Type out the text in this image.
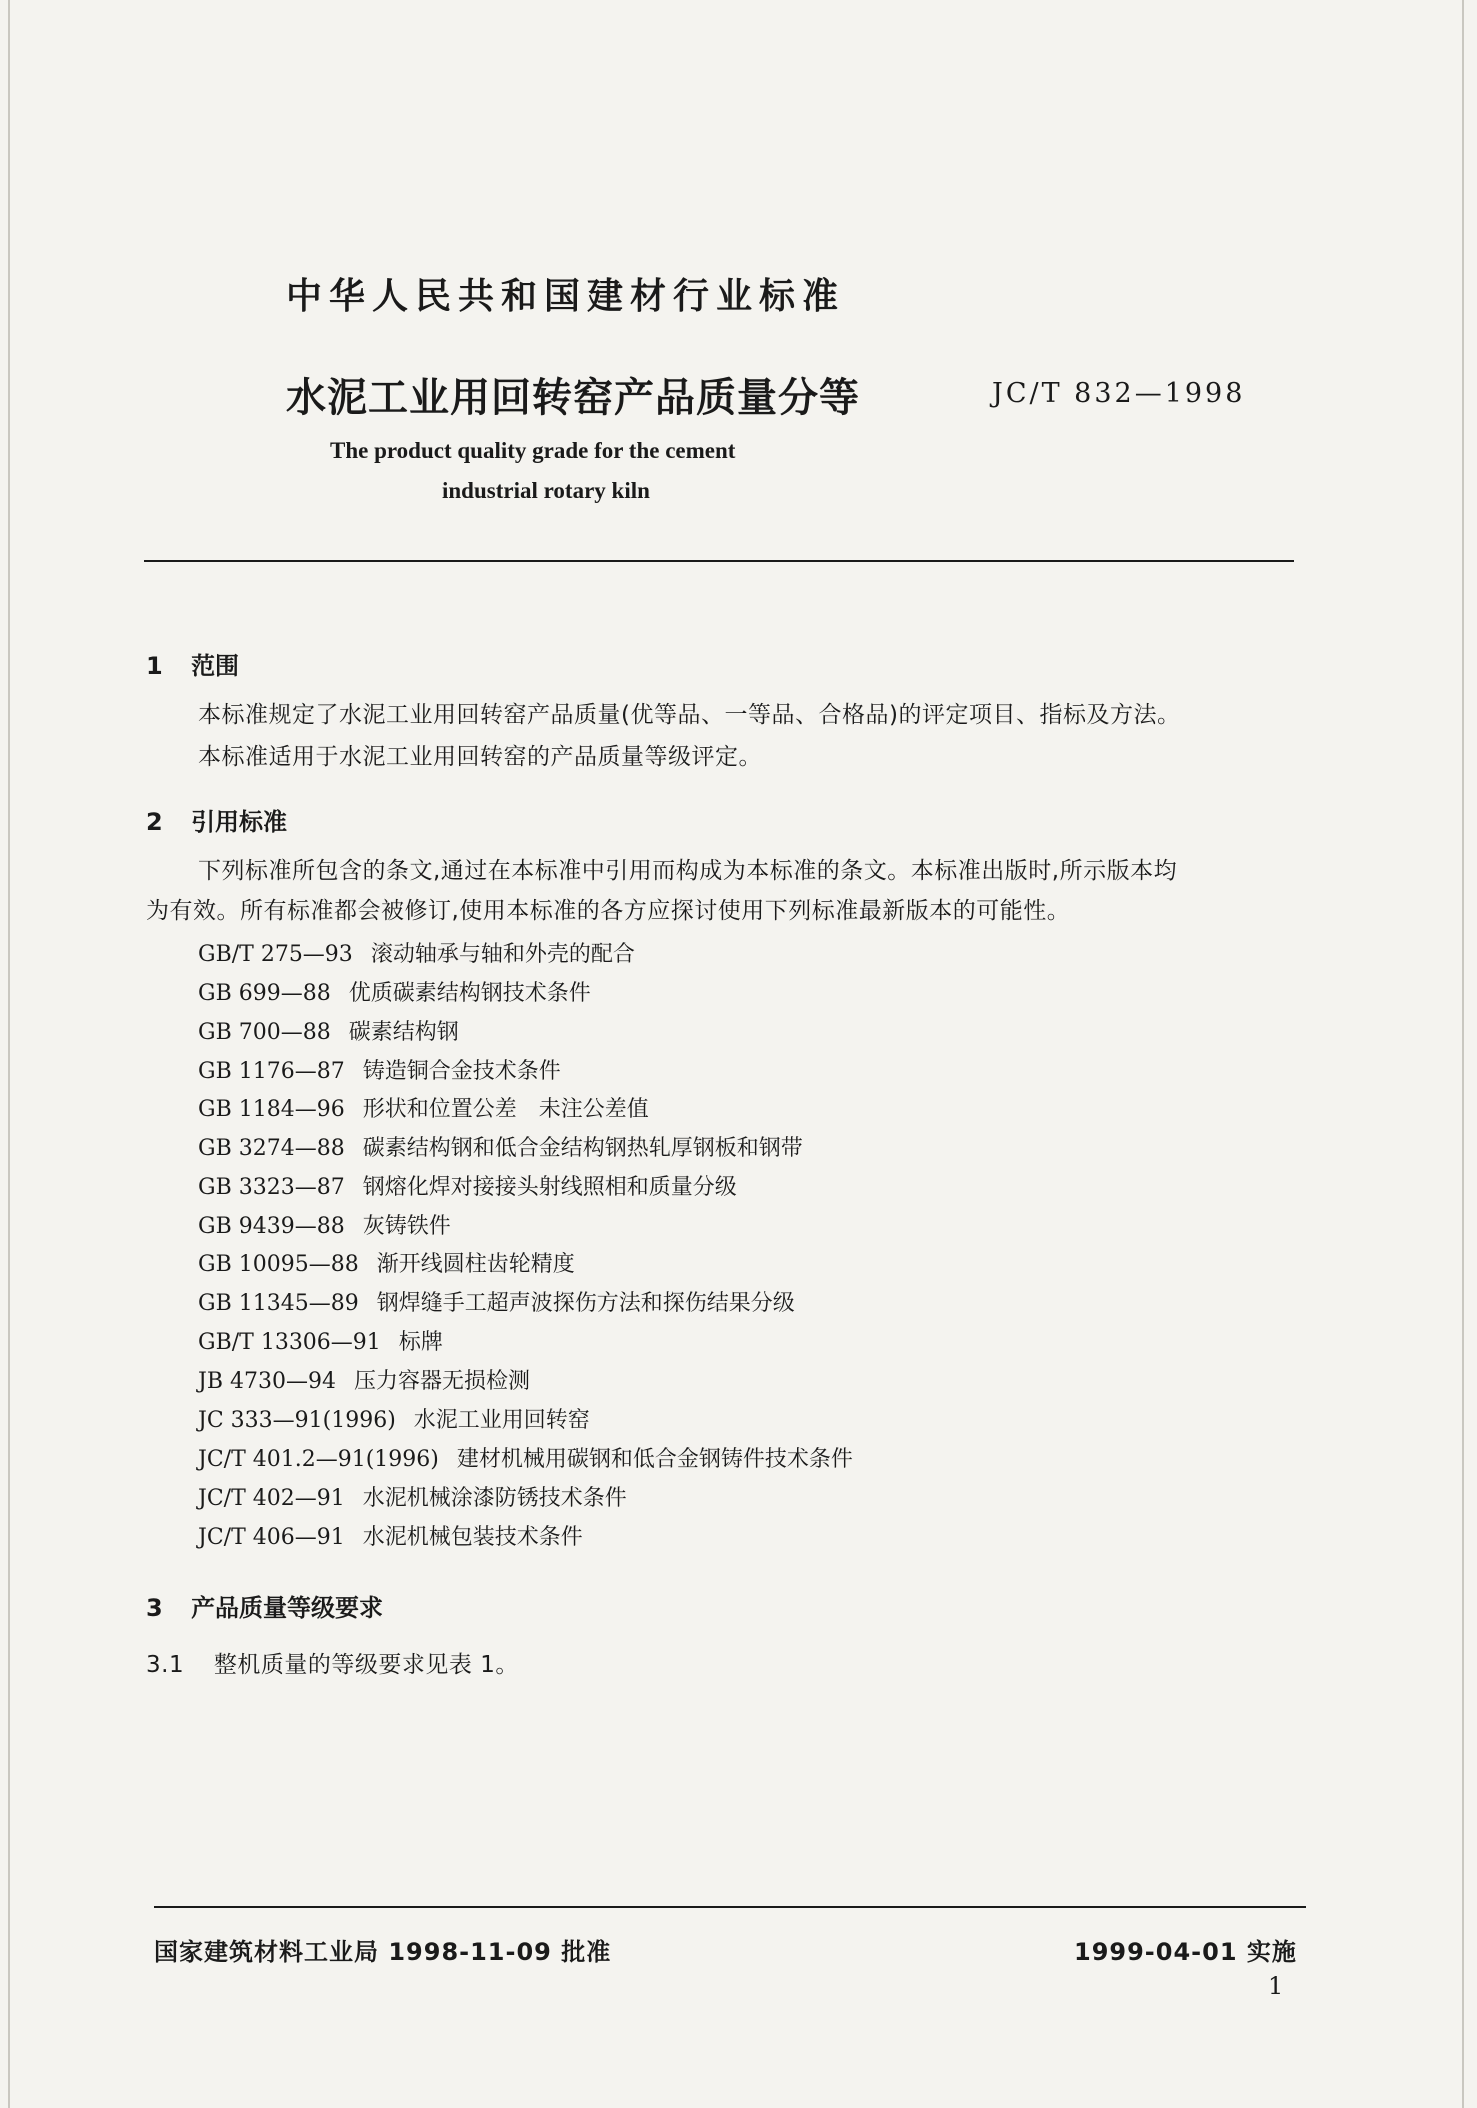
中华人民共和国建材行业标准
水泥工业用回转窑产品质量分等	JC/T 832—1998
The product quality grade for the cement
industrial rotary kiln
1 范围
本标准规定了水泥工业用回转窑产品质量(优等品、一等品、合格品)的评定项目、指标及方法。
本标准适用于水泥工业用回转窑的产品质量等级评定。
2 引用标准
下列标准所包含的条文,通过在本标准中引用而构成为本标准的条文。本标准出版时,所示版本均
为有效。所有标准都会被修订,使用本标准的各方应探讨使用下列标准最新版本的可能性。
GB/T 275—93 滚动轴承与轴和外壳的配合
GB 699—88 优质碳素结构钢技术条件
GB 700—88 碳素结构钢
GB 1176—87 铸造铜合金技术条件
GB 1184—96 形状和位置公差　未注公差值
GB 3274—88 碳素结构钢和低合金结构钢热轧厚钢板和钢带
GB 3323—87 钢熔化焊对接接头射线照相和质量分级
GB 9439—88 灰铸铁件
GB 10095—88 渐开线圆柱齿轮精度
GB 11345—89 钢焊缝手工超声波探伤方法和探伤结果分级
GB/T 13306—91 标牌
JB 4730—94 压力容器无损检测
JC 333—91(1996) 水泥工业用回转窑
JC/T 401.2—91(1996) 建材机械用碳钢和低合金钢铸件技术条件
JC/T 402—91 水泥机械涂漆防锈技术条件
JC/T 406—91 水泥机械包装技术条件
3 产品质量等级要求
3.1 整机质量的等级要求见表 1。
国家建筑材料工业局 1998-11-09 批准	1999-04-01 实施
1
